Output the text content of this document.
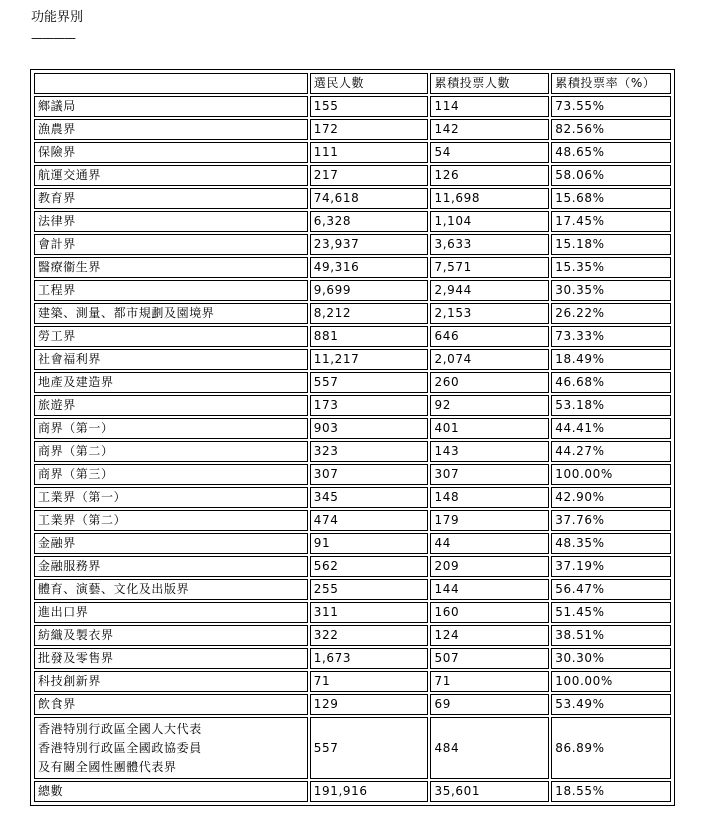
功能界別
————
	選民人數	累積投票人數	累積投票率（%）
鄉議局	155	114	73.55%
漁農界	172	142	82.56%
保險界	111	54	48.65%
航運交通界	217	126	58.06%
教育界	74,618	11,698	15.68%
法律界	6,328	1,104	17.45%
會計界	23,937	3,633	15.18%
醫療衞生界	49,316	7,571	15.35%
工程界	9,699	2,944	30.35%
建築、測量、都市規劃及園境界	8,212	2,153	26.22%
勞工界	881	646	73.33%
社會福利界	11,217	2,074	18.49%
地產及建造界	557	260	46.68%
旅遊界	173	92	53.18%
商界（第一）	903	401	44.41%
商界（第二）	323	143	44.27%
商界（第三）	307	307	100.00%
工業界（第一）	345	148	42.90%
工業界（第二）	474	179	37.76%
金融界	91	44	48.35%
金融服務界	562	209	37.19%
體育、演藝、文化及出版界	255	144	56.47%
進出口界	311	160	51.45%
紡織及製衣界	322	124	38.51%
批發及零售界	1,673	507	30.30%
科技創新界	71	71	100.00%
飲食界	129	69	53.49%

香港特別行政區全國人大代表
香港特別行政區全國政協委員
及有關全國性團體代表界	557	484	86.89%
總數	191,916	35,601	18.55%
